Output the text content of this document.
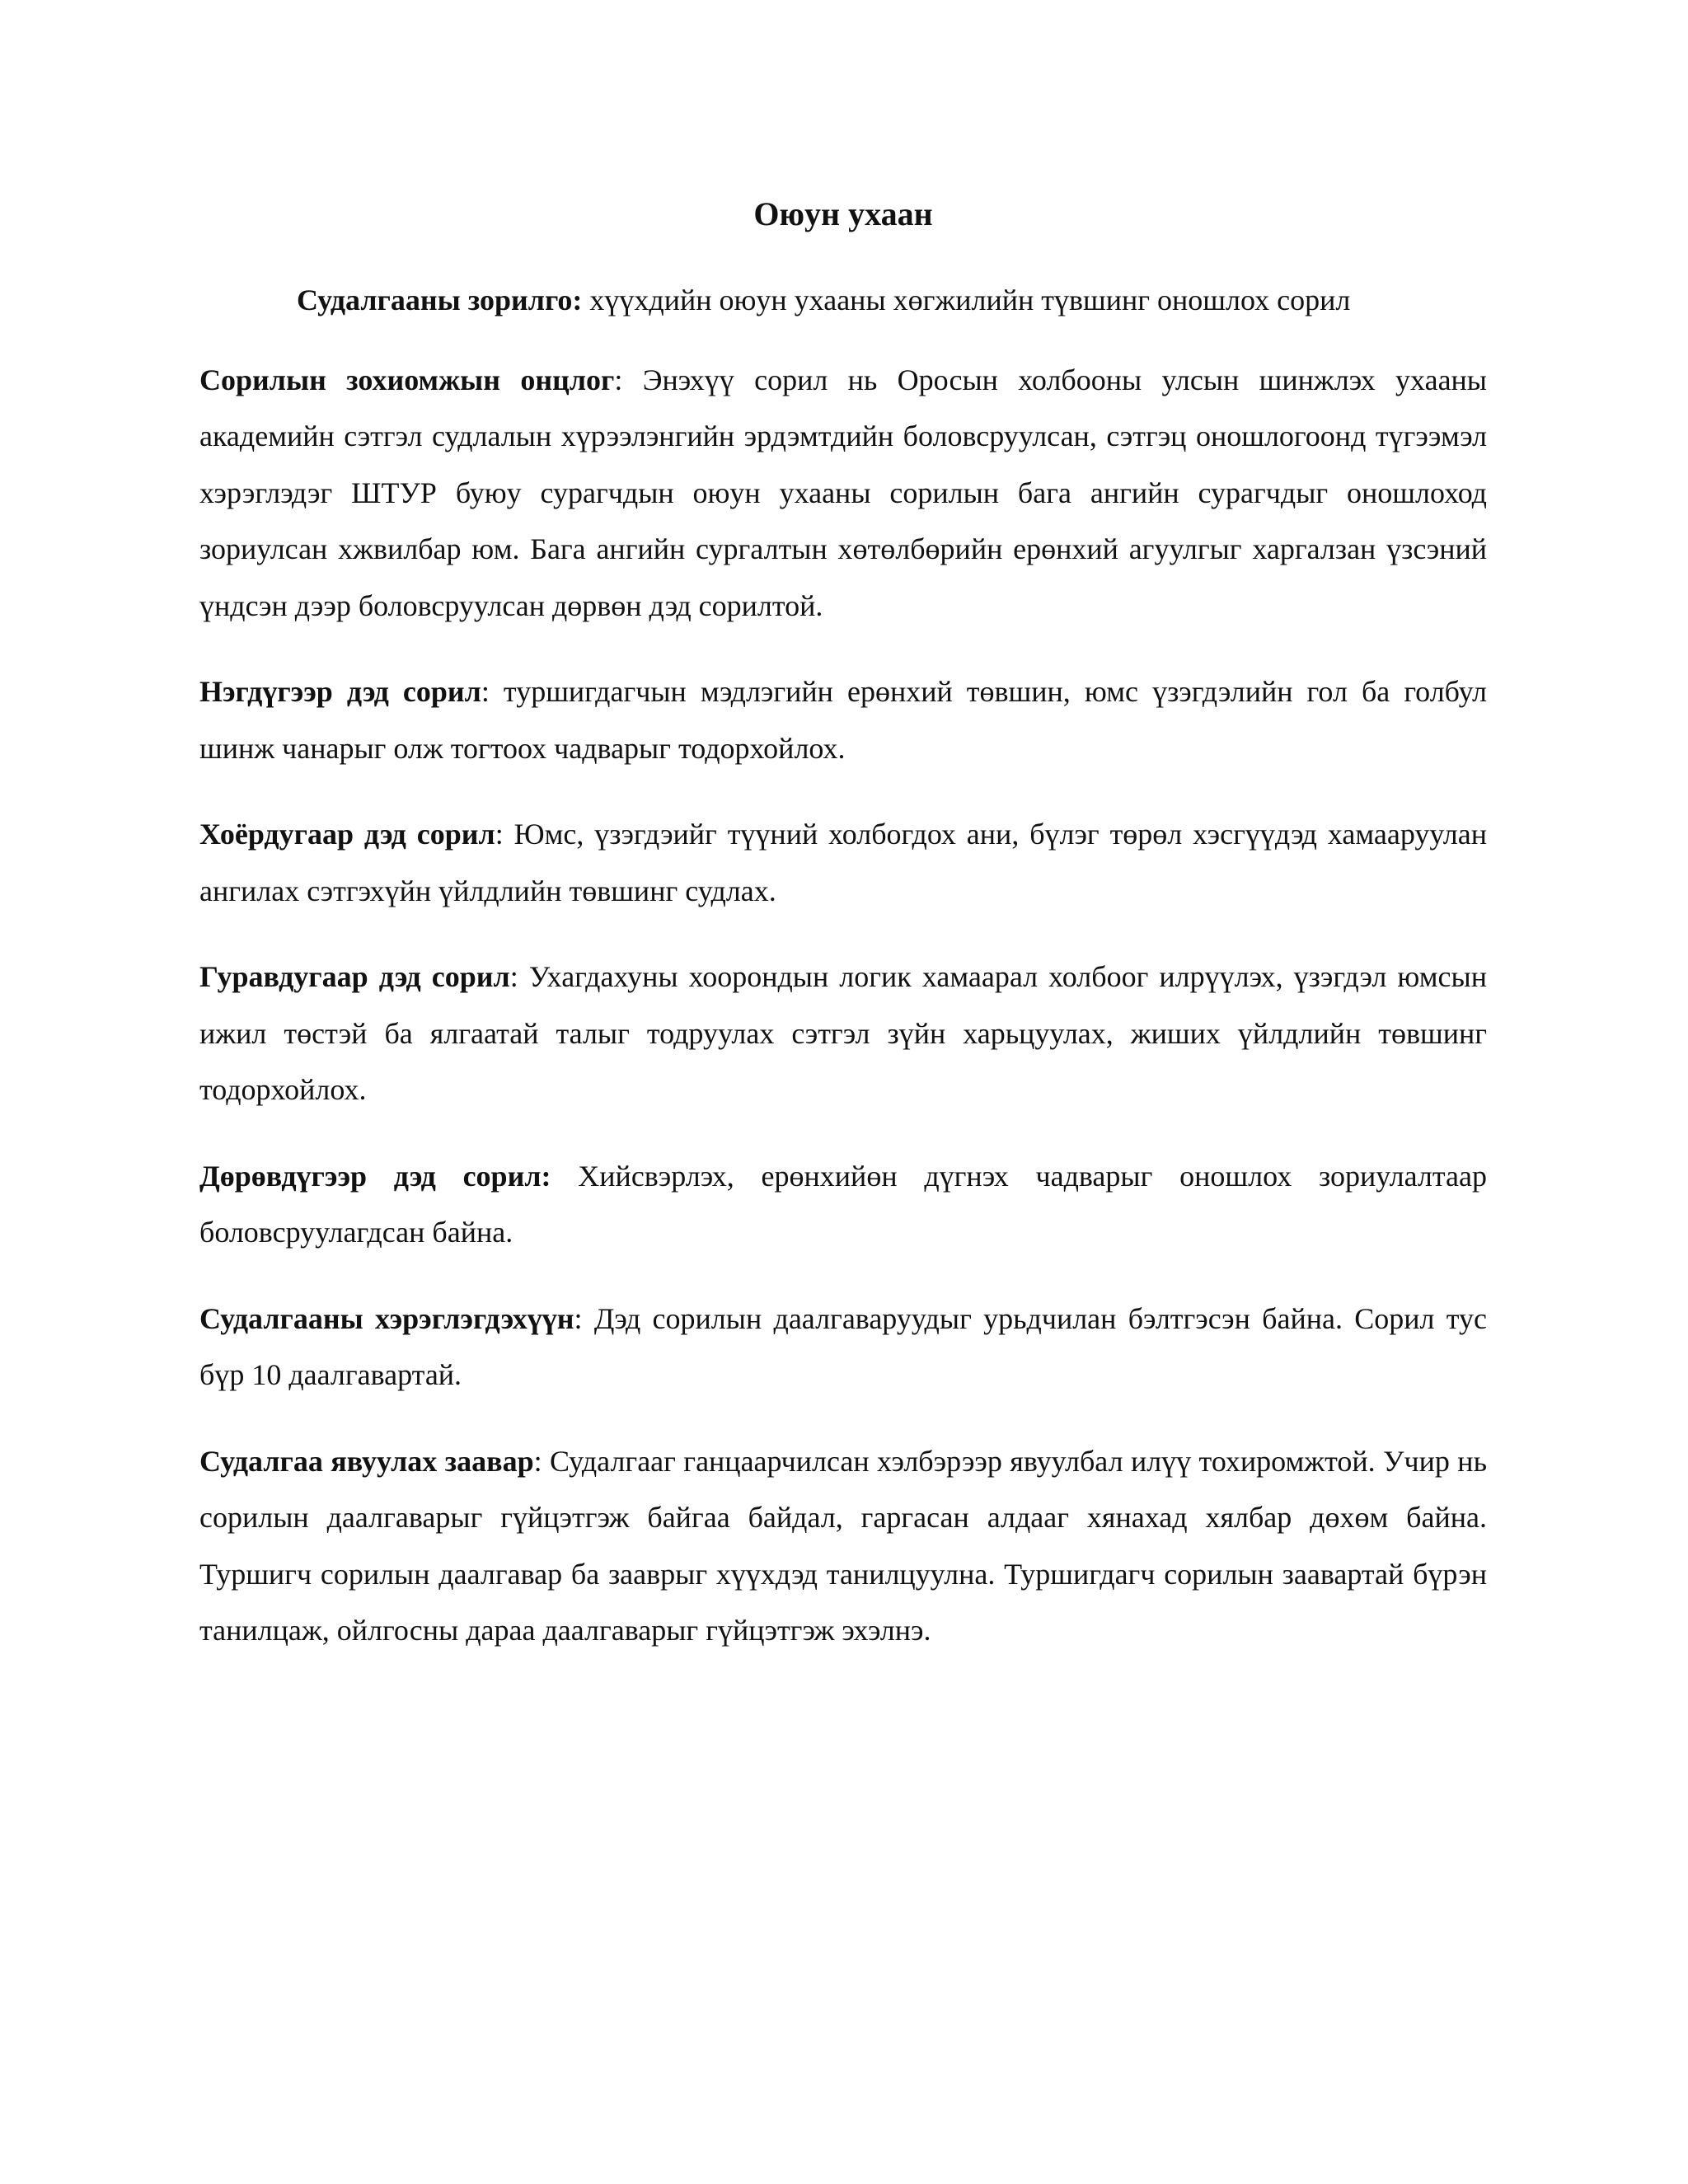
Оюун ухаан

Судалгааны зорилго: хүүхдийн оюун ухааны хөгжилийн түвшинг оношлох сорил

Сорилын зохиомжын онцлог: Энэхүү сорил нь Оросын холбооны улсын шинжлэх ухааны академийн сэтгэл судлалын хүрээлэнгийн эрдэмтдийн боловсруулсан, сэтгэц оношлогоонд түгээмэл хэрэглэдэг ШТУР буюу сурагчдын оюун ухааны сорилын бага ангийн сурагчдыг оношлоход зориулсан хжвилбар юм. Бага ангийн сургалтын хөтөлбөрийн ерөнхий агуулгыг харгалзан үзсэний үндсэн дээр боловсруулсан дөрвөн дэд сорилтой.

Нэгдүгээр дэд сорил: туршигдагчын мэдлэгийн ерөнхий төвшин, юмс үзэгдэлийн гол ба голбул шинж чанарыг олж тогтоох чадварыг тодорхойлох.

Хоёрдугаар дэд сорил: Юмс, үзэгдэийг түүний холбогдох ани, бүлэг төрөл хэсгүүдэд хамааруулан ангилах сэтгэхүйн үйлдлийн төвшинг судлах.

Гуравдугаар дэд сорил: Ухагдахуны хоорондын логик хамаарал холбоог илрүүлэх, үзэгдэл юмсын ижил төстэй ба ялгаатай талыг тодруулах сэтгэл зүйн харьцуулах, жиших үйлдлийн төвшинг тодорхойлох.

Дөрөвдүгээр дэд сорил: Хийсвэрлэх, ерөнхийөн дүгнэх чадварыг оношлох зориулалтаар боловсруулагдсан байна.

Судалгааны хэрэглэгдэхүүн: Дэд сорилын даалгаваруудыг урьдчилан бэлтгэсэн байна. Сорил тус бүр 10 даалгавартай.

Судалгаа явуулах заавар: Судалгааг ганцаарчилсан хэлбэрээр явуулбал илүү тохиромжтой. Учир нь сорилын даалгаварыг гүйцэтгэж байгаа байдал, гаргасан алдааг хянахад хялбар дөхөм байна. Туршигч сорилын даалгавар ба зааврыг хүүхдэд танилцуулна. Туршигдагч сорилын заавартай бүрэн танилцаж, ойлгосны дараа даалгаварыг гүйцэтгэж эхэлнэ.
